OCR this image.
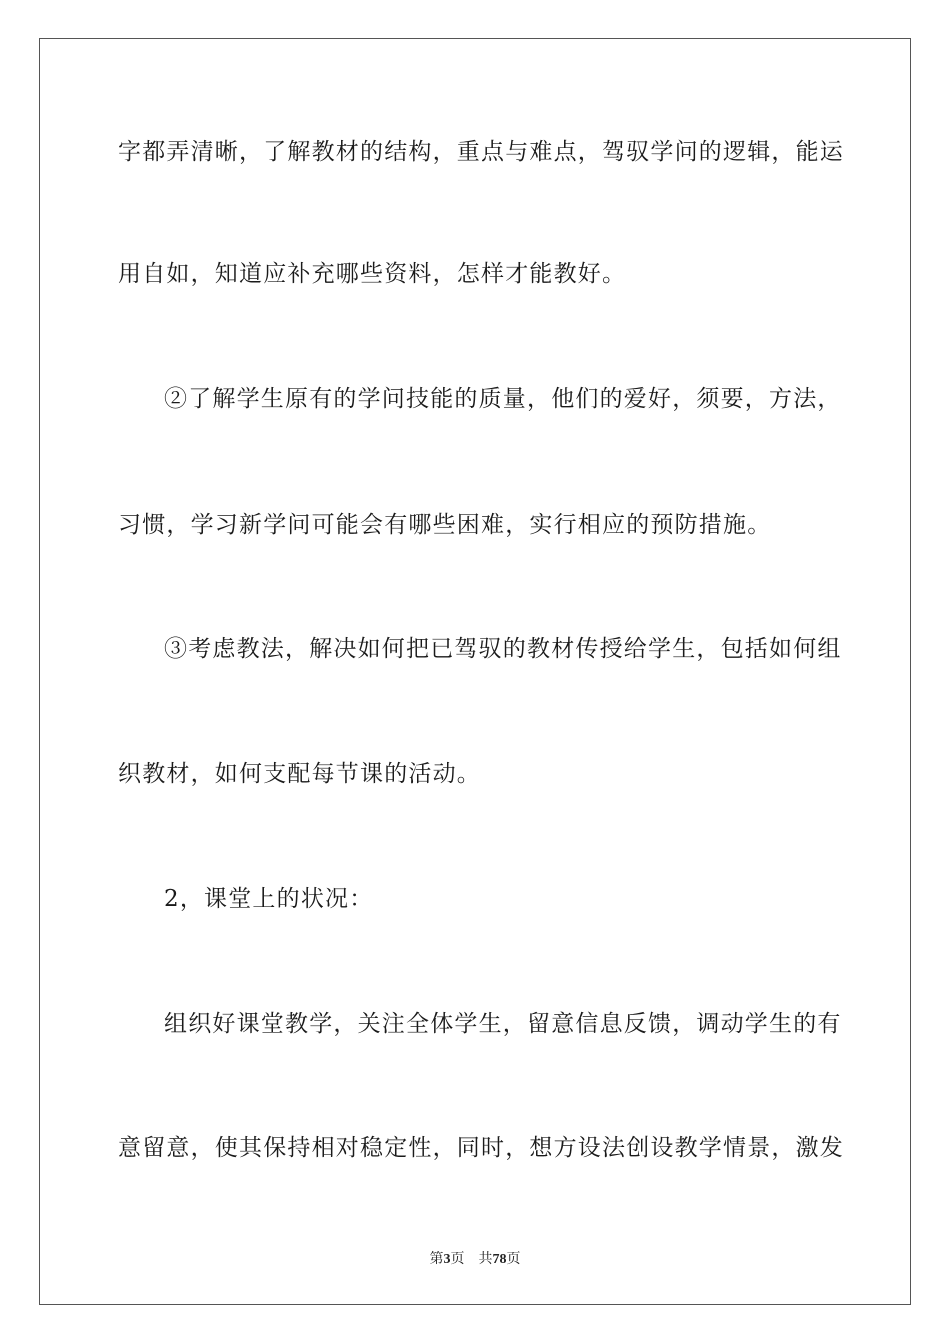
字都弄清晰，了解教材的结构，重点与难点，驾驭学问的逻辑，能运

用自如，知道应补充哪些资料，怎样才能教好。

②了解学生原有的学问技能的质量，他们的爱好，须要，方法，

习惯，学习新学问可能会有哪些困难，实行相应的预防措施。

③考虑教法，解决如何把已驾驭的教材传授给学生，包括如何组

织教材，如何支配每节课的活动。

2，课堂上的状况：

组织好课堂教学，关注全体学生，留意信息反馈，调动学生的有

意留意，使其保持相对稳定性，同时，想方设法创设教学情景，激发

第3页 共78页
